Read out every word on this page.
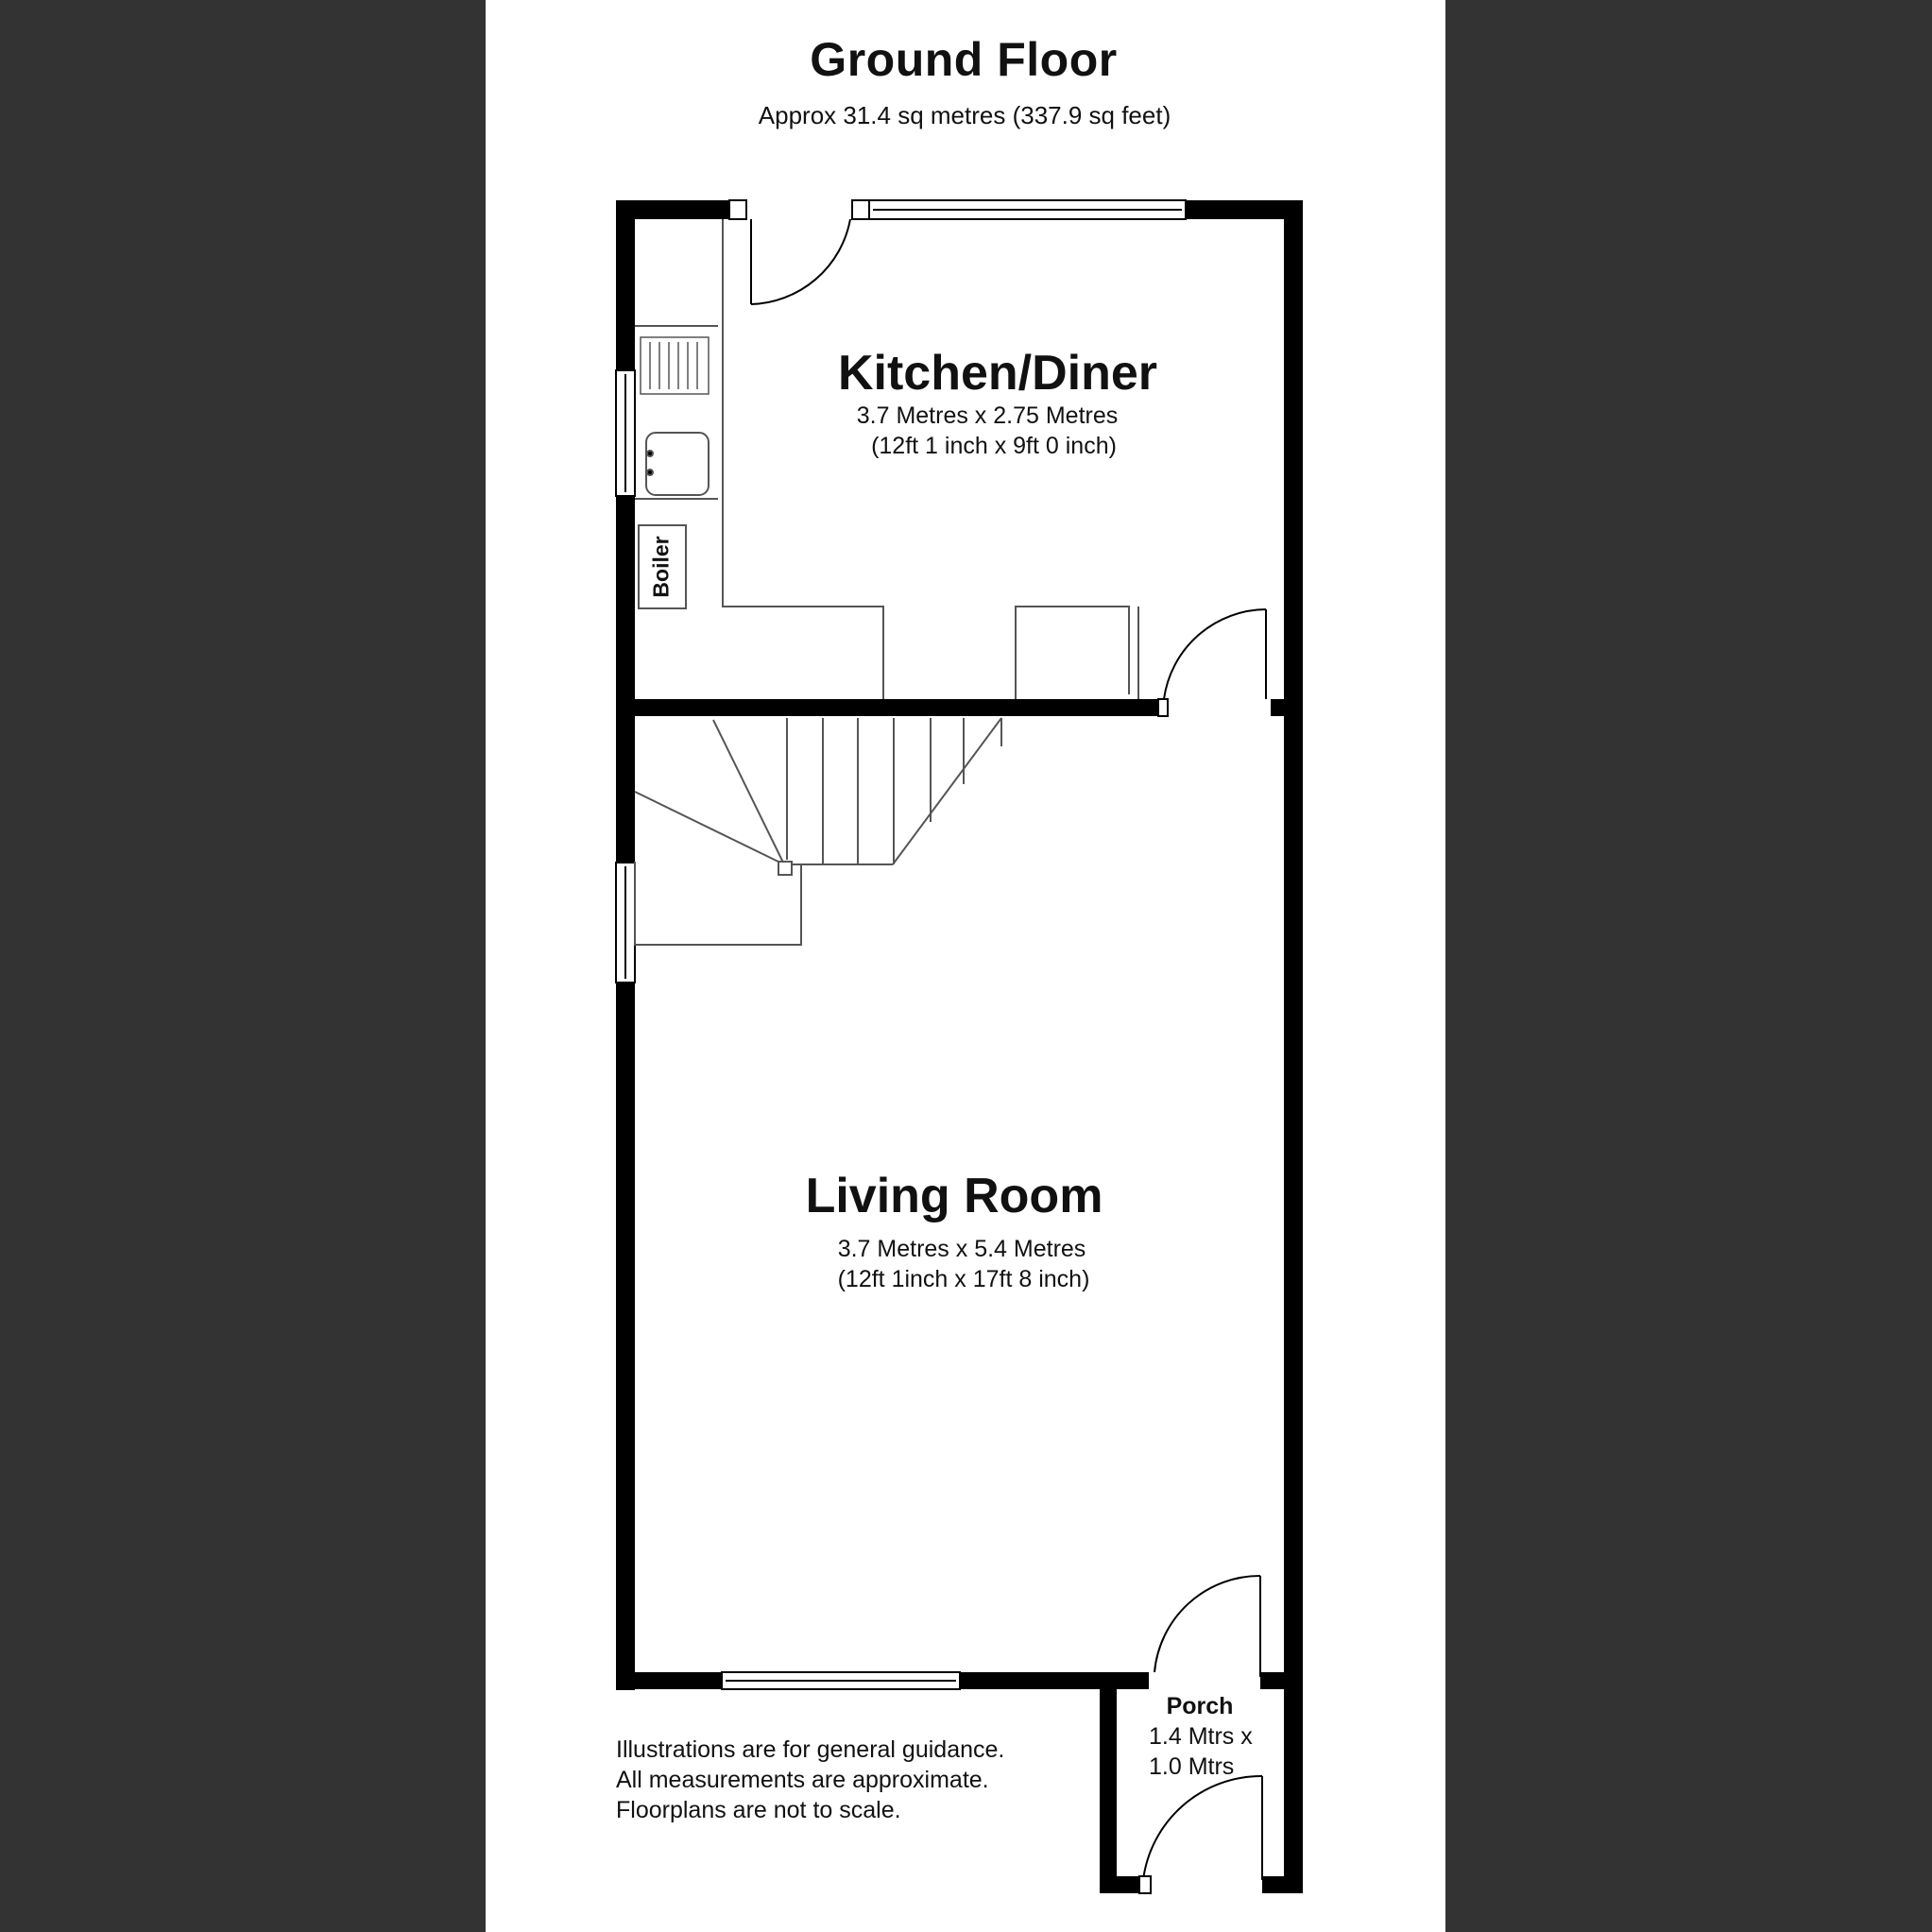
Ground Floor
Approx 31.4 sq metres (337.9 sq feet)
Kitchen/Diner
3.7 Metres x 2.75 Metres
(12ft 1 inch x 9ft 0 inch)
Boiler
Living Room
3.7 Metres x 5.4 Metres
(12ft 1inch x 17ft 8 inch)
Porch
1.4 Mtrs x
1.0 Mtrs
Illustrations are for general guidance.
All measurements are approximate.
Floorplans are not to scale.
